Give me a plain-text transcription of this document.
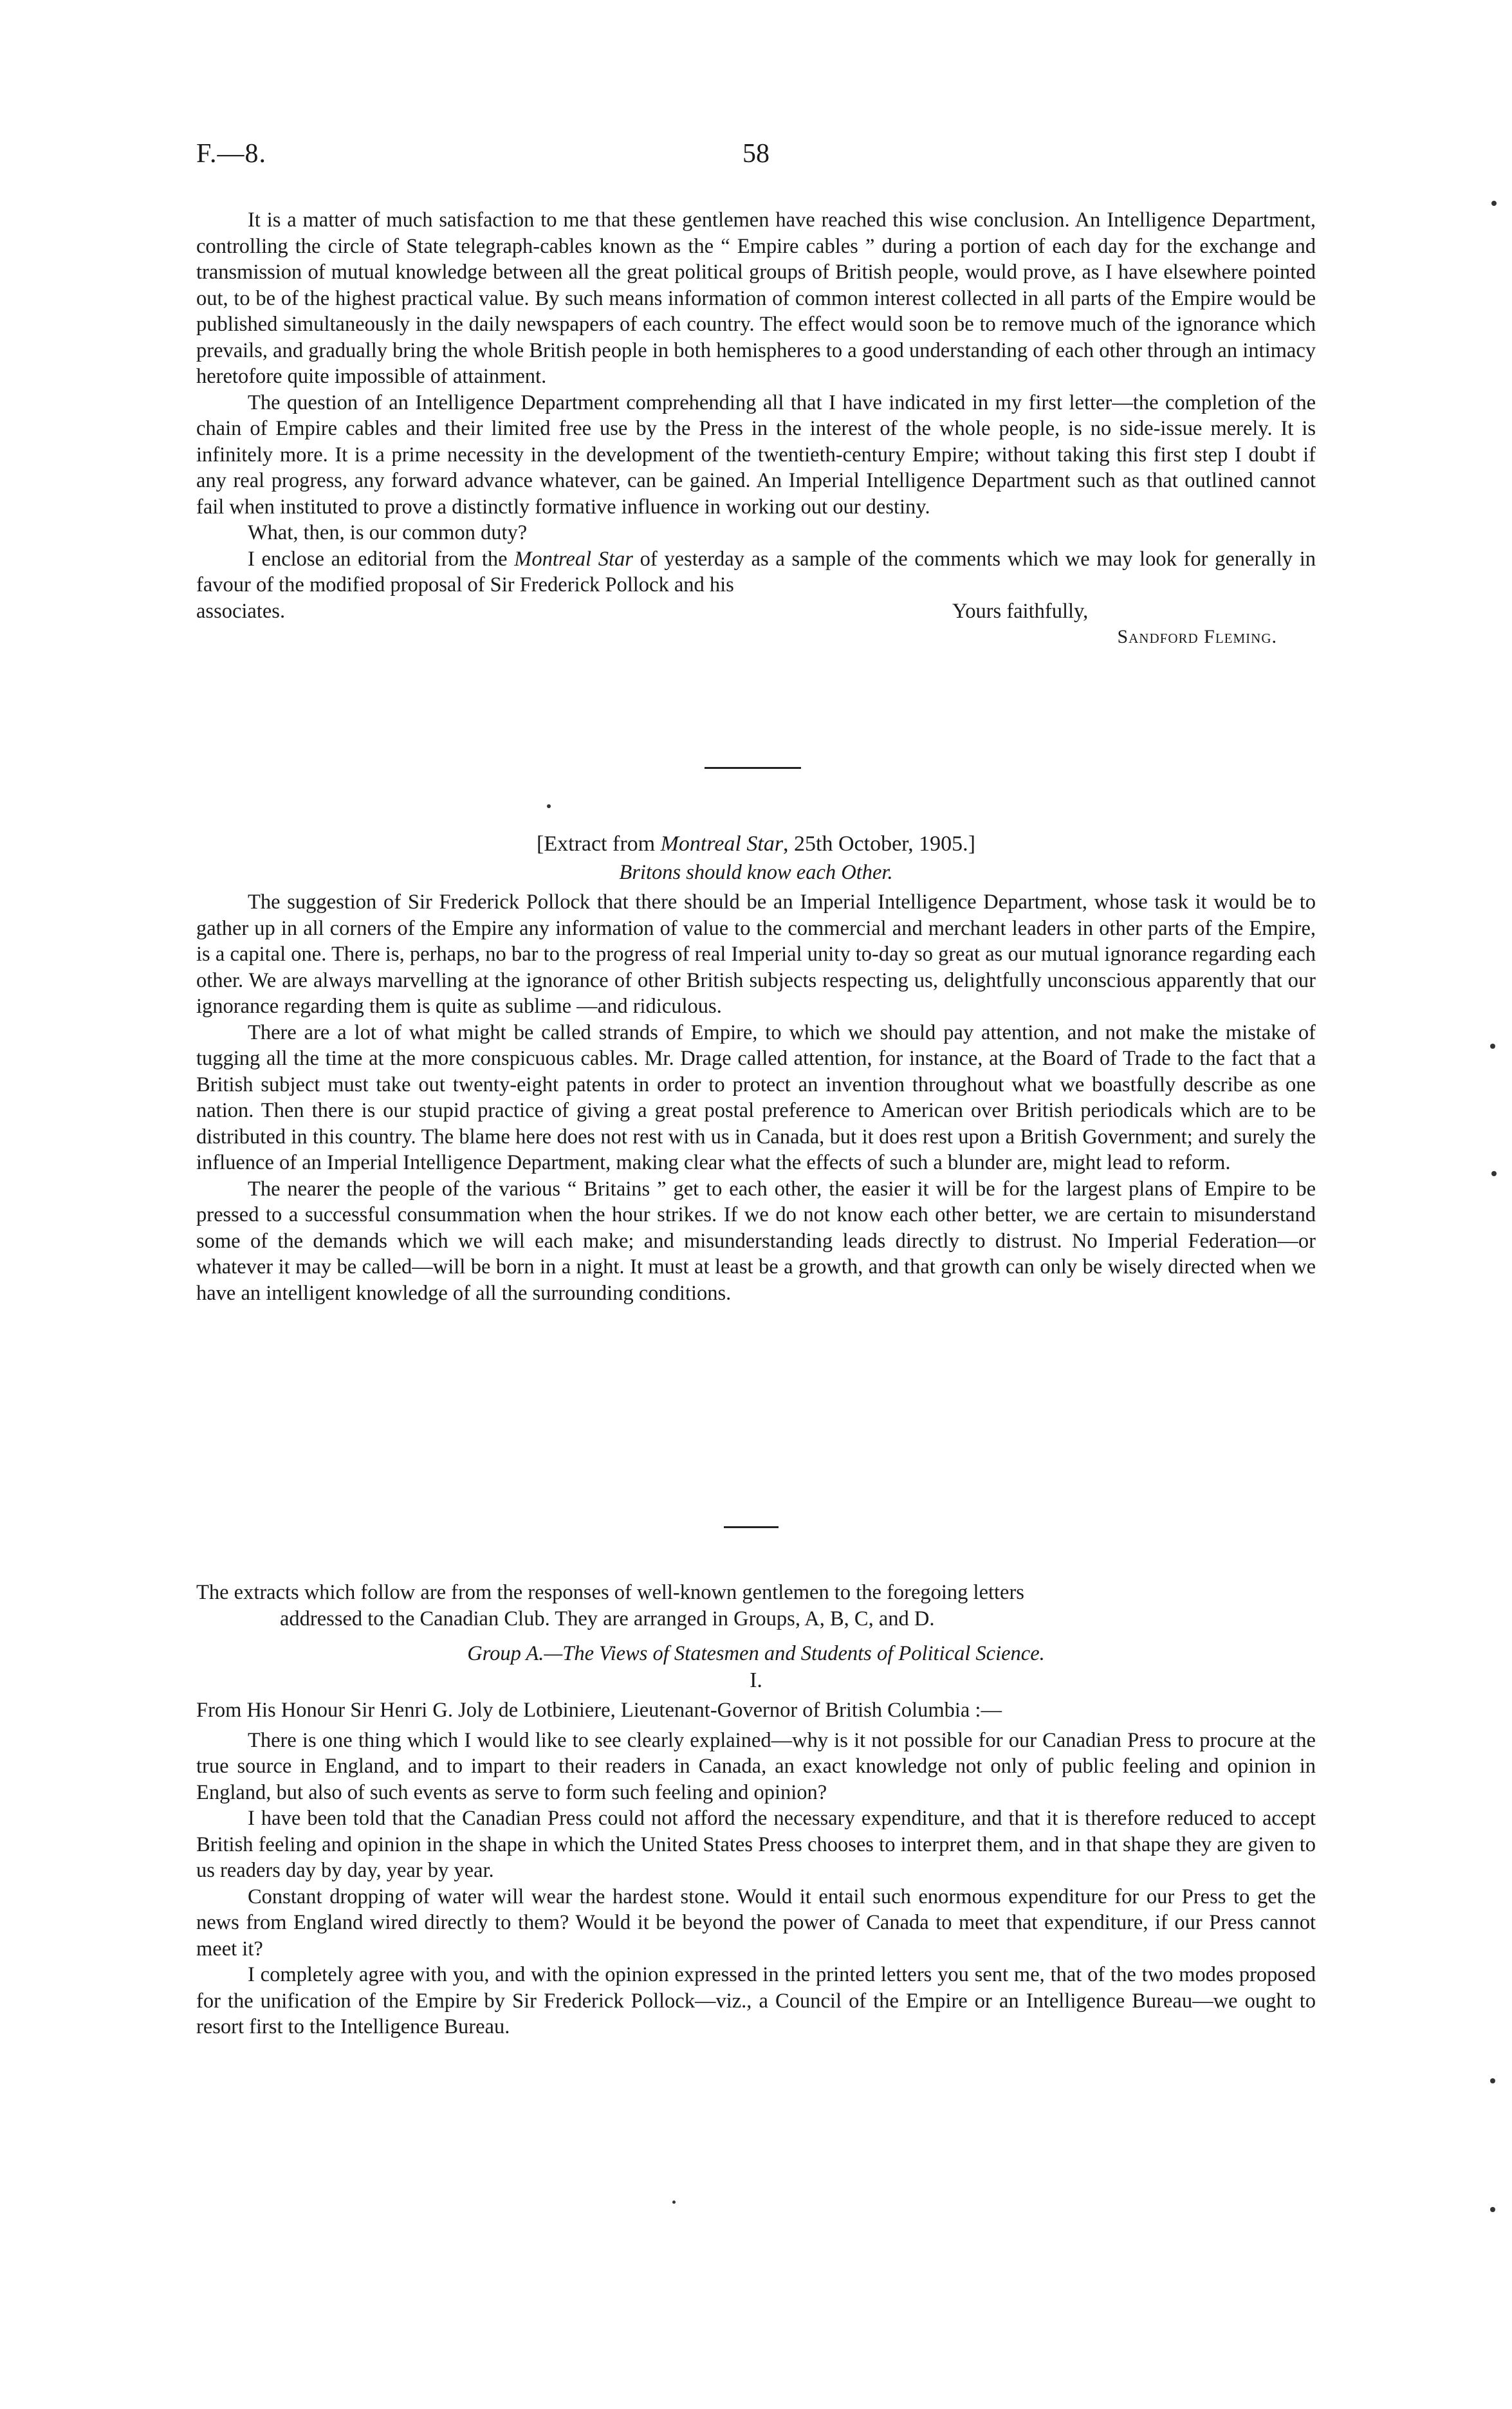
F.—8.	58

It is a matter of much satisfaction to me that these gentlemen have reached this wise conclusion. An Intelligence Department, controlling the circle of State telegraph-cables known as the “ Empire cables ” during a portion of each day for the exchange and transmission of mutual knowledge between all the great political groups of British people, would prove, as I have elsewhere pointed out, to be of the highest practical value. By such means information of common interest collected in all parts of the Empire would be published simultaneously in the daily newspapers of each country. The effect would soon be to remove much of the ignorance which prevails, and gradually bring the whole British people in both hemispheres to a good understanding of each other through an intimacy heretofore quite impossible of attainment.

The question of an Intelligence Department comprehending all that I have indicated in my first letter—the completion of the chain of Empire cables and their limited free use by the Press in the interest of the whole people, is no side-issue merely. It is infinitely more. It is a prime necessity in the development of the twentieth-century Empire; without taking this first step I doubt if any real progress, any forward advance whatever, can be gained. An Imperial Intelligence Department such as that outlined cannot fail when instituted to prove a distinctly formative influence in working out our destiny.

What, then, is our common duty?

I enclose an editorial from the Montreal Star of yesterday as a sample of the comments which we may look for generally in favour of the modified proposal of Sir Frederick Pollock and his

associates.	Yours faithfully,
Sandford Fleming.
[Extract from Montreal Star, 25th October, 1905.]
Britons should know each Other.

The suggestion of Sir Frederick Pollock that there should be an Imperial Intelligence Department, whose task it would be to gather up in all corners of the Empire any information of value to the commercial and merchant leaders in other parts of the Empire, is a capital one. There is, perhaps, no bar to the progress of real Imperial unity to-day so great as our mutual ignorance regarding each other. We are always marvelling at the ignorance of other British subjects respecting us, delightfully unconscious apparently that our ignorance regarding them is quite as sublime —and ridiculous.

There are a lot of what might be called strands of Empire, to which we should pay attention, and not make the mistake of tugging all the time at the more conspicuous cables. Mr. Drage called attention, for instance, at the Board of Trade to the fact that a British subject must take out twenty-eight patents in order to protect an invention throughout what we boastfully describe as one nation. Then there is our stupid practice of giving a great postal preference to American over British periodicals which are to be distributed in this country. The blame here does not rest with us in Canada, but it does rest upon a British Government; and surely the influence of an Imperial Intelligence Department, making clear what the effects of such a blunder are, might lead to reform.

The nearer the people of the various “ Britains ” get to each other, the easier it will be for the largest plans of Empire to be pressed to a successful consummation when the hour strikes. If we do not know each other better, we are certain to misunderstand some of the demands which we will each make; and misunderstanding leads directly to distrust. No Imperial Federation—or whatever it may be called—will be born in a night. It must at least be a growth, and that growth can only be wisely directed when we have an intelligent knowledge of all the surrounding conditions.

The extracts which follow are from the responses of well-known gentlemen to the foregoing letters

addressed to the Canadian Club. They are arranged in Groups, A, B, C, and D.

Group A.—The Views of Statesmen and Students of Political Science.
I.

From His Honour Sir Henri G. Joly de Lotbiniere, Lieutenant-Governor of British Columbia :—

There is one thing which I would like to see clearly explained—why is it not possible for our Canadian Press to procure at the true source in England, and to impart to their readers in Canada, an exact knowledge not only of public feeling and opinion in England, but also of such events as serve to form such feeling and opinion?

I have been told that the Canadian Press could not afford the necessary expenditure, and that it is therefore reduced to accept British feeling and opinion in the shape in which the United States Press chooses to interpret them, and in that shape they are given to us readers day by day, year by year.

Constant dropping of water will wear the hardest stone. Would it entail such enormous expenditure for our Press to get the news from England wired directly to them? Would it be beyond the power of Canada to meet that expenditure, if our Press cannot meet it?

I completely agree with you, and with the opinion expressed in the printed letters you sent me, that of the two modes proposed for the unification of the Empire by Sir Frederick Pollock—viz., a Council of the Empire or an Intelligence Bureau—we ought to resort first to the Intelligence Bureau.
